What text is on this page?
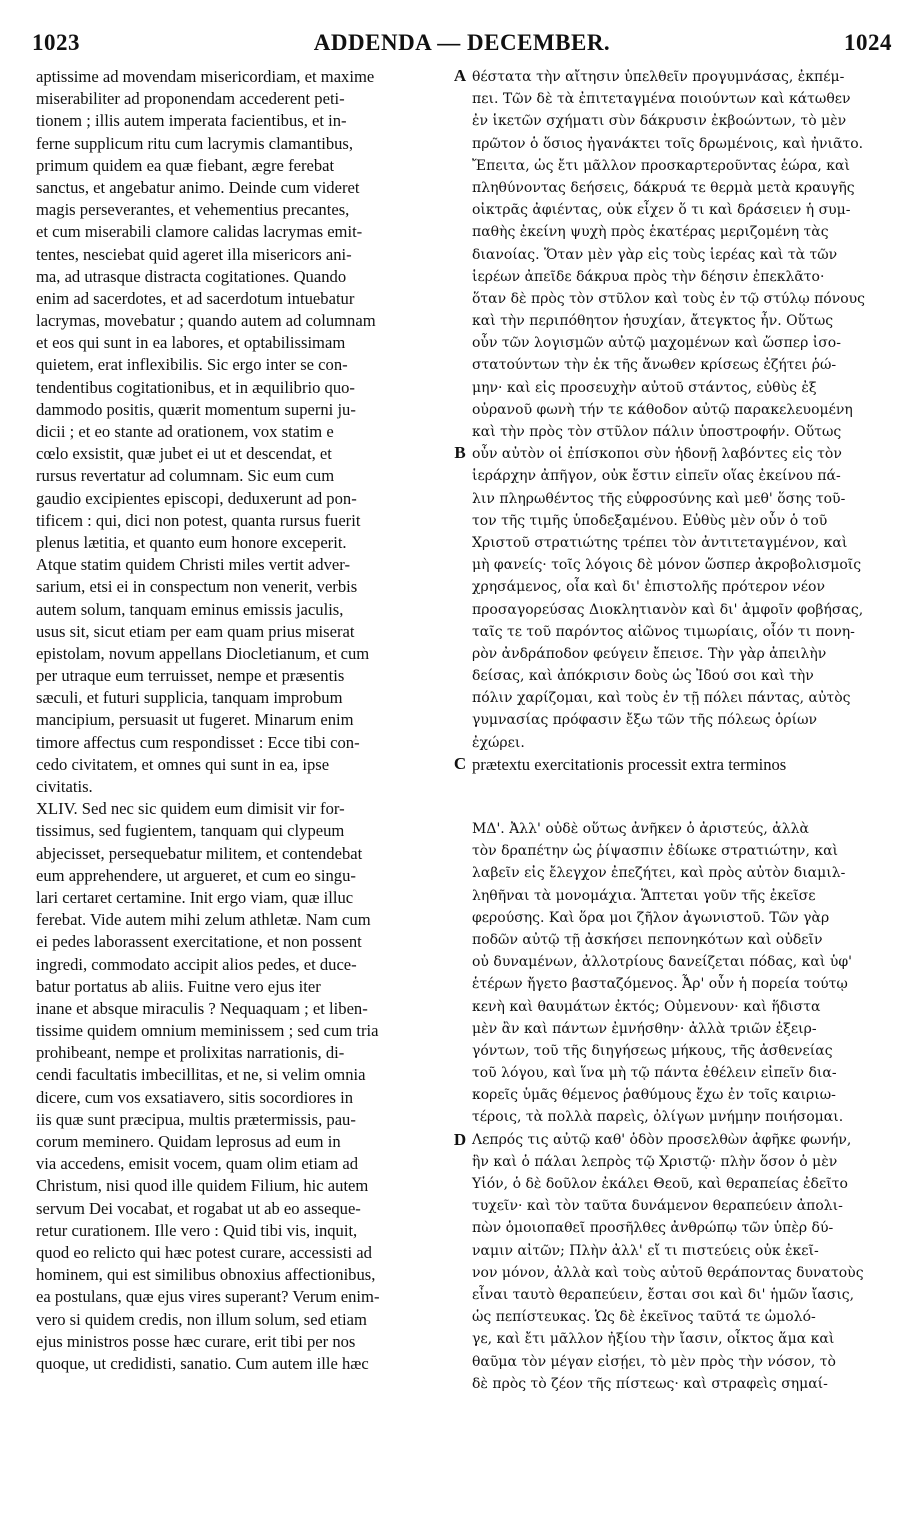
1023	ADDENDA — DECEMBER.	1024
aptissime ad movendam misericordiam, et maxime
miserabiliter ad proponendam accederent peti-
tionem ; illis autem imperata facientibus, et in-
ferne supplicum ritu cum lacrymis clamantibus,
primum quidem ea quæ fiebant, ægre ferebat
sanctus, et angebatur animo. Deinde cum videret
magis perseverantes, et vehementius precantes,
et cum miserabili clamore calidas lacrymas emit-
tentes, nesciebat quid ageret illa misericors ani-
ma, ad utrasque distracta cogitationes. Quando
enim ad sacerdotes, et ad sacerdotum intuebatur
lacrymas, movebatur ; quando autem ad columnam
et eos qui sunt in ea labores, et optabilissimam
quietem, erat inflexibilis. Sic ergo inter se con-
tendentibus cogitationibus, et in æquilibrio quo-
dammodo positis, quærit momentum superni ju-
dicii ; et eo stante ad orationem, vox statim e
cœlo exsistit, quæ jubet ei ut et descendat, et
rursus revertatur ad columnam. Sic eum cum
gaudio excipientes episcopi, deduxerunt ad pon-
tificem : qui, dici non potest, quanta rursus fuerit
plenus lætitia, et quanto eum honore exceperit.
Atque statim quidem Christi miles vertit adver-
sarium, etsi ei in conspectum non venerit, verbis
autem solum, tanquam eminus emissis jaculis,
usus sit, sicut etiam per eam quam prius miserat
epistolam, novum appellans Diocletianum, et cum
per utraque eum terruisset, nempe et præsentis
sæculi, et futuri supplicia, tanquam improbum
mancipium, persuasit ut fugeret. Minarum enim
timore affectus cum respondisset : Ecce tibi con-
cedo civitatem, et omnes qui sunt in ea, ipse
civitatis.
XLIV. Sed nec sic quidem eum dimisit vir for-
tissimus, sed fugientem, tanquam qui clypeum
abjecisset, persequebatur militem, et contendebat
eum apprehendere, ut argueret, et cum eo singu-
lari certaret certamine. Init ergo viam, quæ illuc
ferebat. Vide autem mihi zelum athletæ. Nam cum
ei pedes laborassent exercitatione, et non possent
ingredi, commodato accipit alios pedes, et duce-
batur portatus ab aliis. Fuitne vero ejus iter
inane et absque miraculis ? Nequaquam ; et liben-
tissime quidem omnium meminissem ; sed cum tria
prohibeant, nempe et prolixitas narrationis, di-
cendi facultatis imbecillitas, et ne, si velim omnia
dicere, cum vos exsatiavero, sitis socordiores in
iis quæ sunt præcipua, multis prætermissis, pau-
corum meminero. Quidam leprosus ad eum in
via accedens, emisit vocem, quam olim etiam ad
Christum, nisi quod ille quidem Filium, hic autem
servum Dei vocabat, et rogabat ut ab eo asseque-
retur curationem. Ille vero : Quid tibi vis, inquit,
quod eo relicto qui hæc potest curare, accessisti ad
hominem, qui est similibus obnoxius affectionibus,
ea postulans, quæ ejus vires superant? Verum enim-
vero si quidem credis, non illum solum, sed etiam
ejus ministros posse hæc curare, erit tibi per nos
quoque, ut credidisti, sanatio. Cum autem ille hæc
θέστατα τὴν αἴτησιν ὑπελθεῖν προγυμνάσας, ἐκπέμ-
πει. Τῶν δὲ τὰ ἐπιτεταγμένα ποιούντων καὶ κάτωθεν
ἐν ἱκετῶν σχήματι σὺν δάκρυσιν ἐκβοώντων, τὸ μὲν
πρῶτον ὁ ὅσιος ἠγανάκτει τοῖς δρωμένοις, καὶ ἠνιᾶτο.
Ἔπειτα, ὡς ἔτι μᾶλλον προσκαρτεροῦντας ἑώρα, καὶ
πληθύνοντας δεήσεις, δάκρυά τε θερμὰ μετὰ κραυγῆς
οἰκτρᾶς ἀφιέντας, οὐκ εἶχεν ὅ τι καὶ δράσειεν ἡ συμ-
παθὴς ἐκείνη ψυχὴ πρὸς ἑκατέρας μεριζομένη τὰς
διανοίας. Ὅταν μὲν γὰρ εἰς τοὺς ἱερέας καὶ τὰ τῶν
ἱερέων ἀπεῖδε δάκρυα πρὸς τὴν δέησιν ἐπεκλᾶτο·
ὅταν δὲ πρὸς τὸν στῦλον καὶ τοὺς ἐν τῷ στύλῳ πόνους
καὶ τὴν περιπόθητον ἡσυχίαν, ἄτεγκτος ἦν. Οὕτως
οὖν τῶν λογισμῶν αὐτῷ μαχομένων καὶ ὥσπερ ἰσο-
στατούντων τὴν ἐκ τῆς ἄνωθεν κρίσεως ἐζήτει ῥώ-
μην· καὶ εἰς προσευχὴν αὐτοῦ στάντος, εὐθὺς ἐξ
οὐρανοῦ φωνὴ τήν τε κάθοδον αὐτῷ παρακελευομένη
καὶ τὴν πρὸς τὸν στῦλον πάλιν ὑποστροφήν. Οὕτως
οὖν αὐτὸν οἱ ἐπίσκοποι σὺν ἡδονῇ λαβόντες εἰς τὸν
ἱεράρχην ἀπῆγον, οὐκ ἔστιν εἰπεῖν οἵας ἐκείνου πά-
λιν πληρωθέντος τῆς εὐφροσύνης καὶ μεθ' ὅσης τοῦ-
τον τῆς τιμῆς ὑποδεξαμένου. Εὐθὺς μὲν οὖν ὁ τοῦ
Χριστοῦ στρατιώτης τρέπει τὸν ἀντιτεταγμένον, καὶ
μὴ φανείς· τοῖς λόγοις δὲ μόνον ὥσπερ ἀκροβολισμοῖς
χρησάμενος, οἷα καὶ δι' ἐπιστολῆς πρότερον νέον
προσαγορεύσας Διοκλητιανὸν καὶ δι' ἀμφοῖν φοβήσας,
ταῖς τε τοῦ παρόντος αἰῶνος τιμωρίαις, οἷόν τι πονη-
ρὸν ἀνδράποδον φεύγειν ἔπεισε. Τὴν γὰρ ἀπειλὴν
δείσας, καὶ ἀπόκρισιν δοὺς ὡς Ἰδού σοι καὶ τὴν
πόλιν χαρίζομαι, καὶ τοὺς ἐν τῇ πόλει πάντας, αὐτὸς
γυμνασίας πρόφασιν ἔξω τῶν τῆς πόλεως ὁρίων
ἐχώρει.
prætextu exercitationis processit extra terminos
ΜΔ'. Ἀλλ' οὐδὲ οὕτως ἀνῆκεν ὁ ἀριστεύς, ἀλλὰ
τὸν δραπέτην ὡς ῥίψασπιν ἐδίωκε στρατιώτην, καὶ
λαβεῖν εἰς ἔλεγχον ἐπεζήτει, καὶ πρὸς αὐτὸν διαμιλ-
ληθῆναι τὰ μονομάχια. Ἅπτεται γοῦν τῆς ἐκεῖσε
φερούσης. Καὶ ὅρα μοι ζῆλον ἀγωνιστοῦ. Τῶν γὰρ
ποδῶν αὐτῷ τῇ ἀσκήσει πεπονηκότων καὶ οὐδεῖν
οὐ δυναμένων, ἀλλοτρίους δανείζεται πόδας, καὶ ὑφ'
ἑτέρων ἤγετο βασταζόμενος. Ἆρ' οὖν ἡ πορεία τούτῳ
κενὴ καὶ θαυμάτων ἐκτός; Οὐμενουν· καὶ ἥδιστα
μὲν ἂν καὶ πάντων ἐμνήσθην· ἀλλὰ τριῶν ἐξειρ-
γόντων, τοῦ τῆς διηγήσεως μήκους, τῆς ἀσθενείας
τοῦ λόγου, καὶ ἵνα μὴ τῷ πάντα ἐθέλειν εἰπεῖν δια-
κορεῖς ὑμᾶς θέμενος ῥαθύμους ἔχω ἐν τοῖς καιριω-
τέροις, τὰ πολλὰ παρεὶς, ὀλίγων μνήμην ποιήσομαι.
Λεπρός τις αὐτῷ καθ' ὁδὸν προσελθὼν ἀφῆκε φωνήν,
ἣν καὶ ὁ πάλαι λεπρὸς τῷ Χριστῷ· πλὴν ὅσον ὁ μὲν
Υἱόν, ὁ δὲ δοῦλον ἐκάλει Θεοῦ, καὶ θεραπείας ἐδεῖτο
τυχεῖν· καὶ τὸν ταῦτα δυνάμενον θεραπεύειν ἀπολι-
πὼν ὁμοιοπαθεῖ προσῆλθες ἀνθρώπῳ τῶν ὑπὲρ δύ-
ναμιν αἰτῶν; Πλὴν ἀλλ' εἴ τι πιστεύεις οὐκ ἐκεῖ-
νον μόνον, ἀλλὰ καὶ τοὺς αὐτοῦ θεράποντας δυνατοὺς
εἶναι ταυτὸ θεραπεύειν, ἔσται σοι καὶ δι' ἡμῶν ἴασις,
ὡς πεπίστευκας. Ὡς δὲ ἐκεῖνος ταῦτά τε ὡμολό-
γε, καὶ ἔτι μᾶλλον ἠξίου τὴν ἴασιν, οἶκτος ἅμα καὶ
θαῦμα τὸν μέγαν εἰσῄει, τὸ μὲν πρὸς τὴν νόσον, τὸ
δὲ πρὸς τὸ ζέον τῆς πίστεως· καὶ στραφεὶς σημαί-
A
B
C
D
